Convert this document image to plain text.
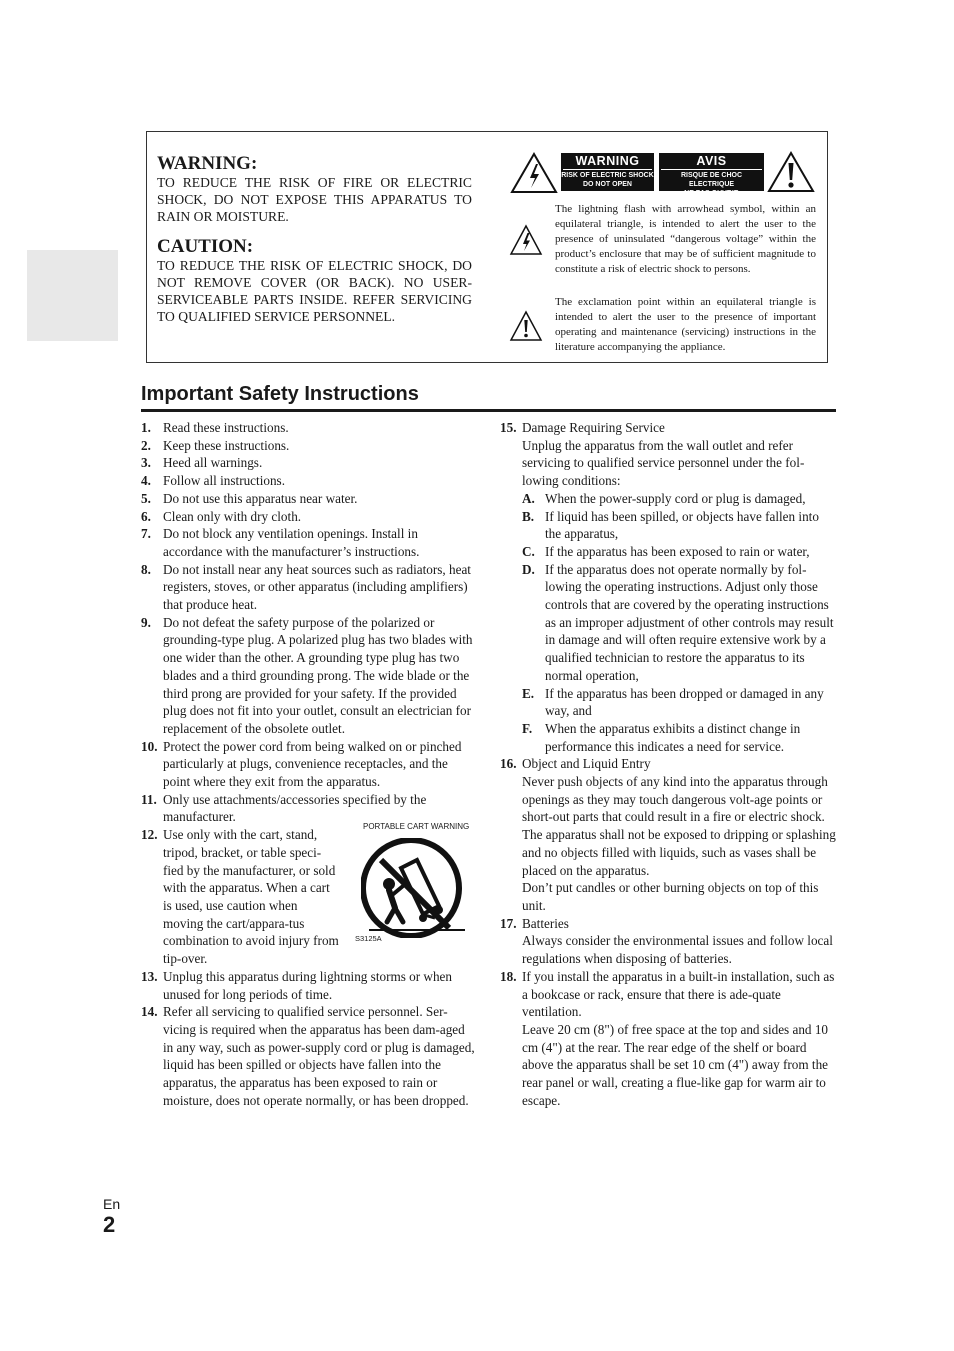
WARNING:
TO REDUCE THE RISK OF FIRE OR ELECTRIC SHOCK, DO NOT EXPOSE THIS APPARATUS TO RAIN OR MOISTURE.
CAUTION:
TO REDUCE THE RISK OF ELECTRIC SHOCK, DO NOT REMOVE COVER (OR BACK). NO USER-SERVICEABLE PARTS INSIDE. REFER SERVICING TO QUALIFIED SERVICE PERSONNEL.
WARNING
RISK OF ELECTRIC SHOCK
DO NOT OPEN
AVIS
RISQUE DE CHOC ELECTRIQUE
NE PAS OUVRIR
The lightning flash with arrowhead symbol, within an equilateral triangle, is intended to alert the user to the presence of uninsulated “dangerous voltage” within the product’s enclosure that may be of sufficient magnitude to constitute a risk of electric shock to persons.
The exclamation point within an equilateral triangle is intended to alert the user to the presence of important operating and maintenance (servicing) instructions in the literature accompanying the appliance.
Important Safety Instructions
1. Read these instructions.
2. Keep these instructions.
3. Heed all warnings.
4. Follow all instructions.
5. Do not use this apparatus near water.
6. Clean only with dry cloth.
7. Do not block any ventilation openings. Install in accordance with the manufacturer’s instructions.
8. Do not install near any heat sources such as radiators, heat registers, stoves, or other apparatus (including amplifiers) that produce heat.
9. Do not defeat the safety purpose of the polarized or grounding-type plug. A polarized plug has two blades with one wider than the other. A grounding type plug has two blades and a third grounding prong. The wide blade or the third prong are provided for your safety. If the provided plug does not fit into your outlet, consult an electrician for replacement of the obsolete outlet.
10. Protect the power cord from being walked on or pinched particularly at plugs, convenience receptacles, and the point where they exit from the apparatus.
11. Only use attachments/accessories specified by the manufacturer.
12. Use only with the cart, stand, tripod, bracket, or table speci-fied by the manufacturer, or sold with the apparatus. When a cart is used, use caution when moving the cart/appara-tus combination to avoid injury from tip-over.
PORTABLE CART WARNING
S3125A
13. Unplug this apparatus during lightning storms or when unused for long periods of time.
14. Refer all servicing to qualified service personnel. Ser-vicing is required when the apparatus has been dam-aged in any way, such as power-supply cord or plug is damaged, liquid has been spilled or objects have fallen into the apparatus, the apparatus has been exposed to rain or moisture, does not operate normally, or has been dropped.
15. Damage Requiring Service
Unplug the apparatus from the wall outlet and refer servicing to qualified service personnel under the fol-lowing conditions:
A. When the power-supply cord or plug is damaged,
B. If liquid has been spilled, or objects have fallen into the apparatus,
C. If the apparatus has been exposed to rain or water,
D. If the apparatus does not operate normally by fol-lowing the operating instructions. Adjust only those controls that are covered by the operating instructions as an improper adjustment of other controls may result in damage and will often require extensive work by a qualified technician to restore the apparatus to its normal operation,
E. If the apparatus has been dropped or damaged in any way, and
F. When the apparatus exhibits a distinct change in performance this indicates a need for service.
16. Object and Liquid Entry
Never push objects of any kind into the apparatus through openings as they may touch dangerous volt-age points or short-out parts that could result in a fire or electric shock.
The apparatus shall not be exposed to dripping or splashing and no objects filled with liquids, such as vases shall be placed on the apparatus.
Don’t put candles or other burning objects on top of this unit.
17. Batteries
Always consider the environmental issues and follow local regulations when disposing of batteries.
18. If you install the apparatus in a built-in installation, such as a bookcase or rack, ensure that there is ade-quate ventilation.
Leave 20 cm (8") of free space at the top and sides and 10 cm (4") at the rear. The rear edge of the shelf or board above the apparatus shall be set 10 cm (4") away from the rear panel or wall, creating a flue-like gap for warm air to escape.
En
2
